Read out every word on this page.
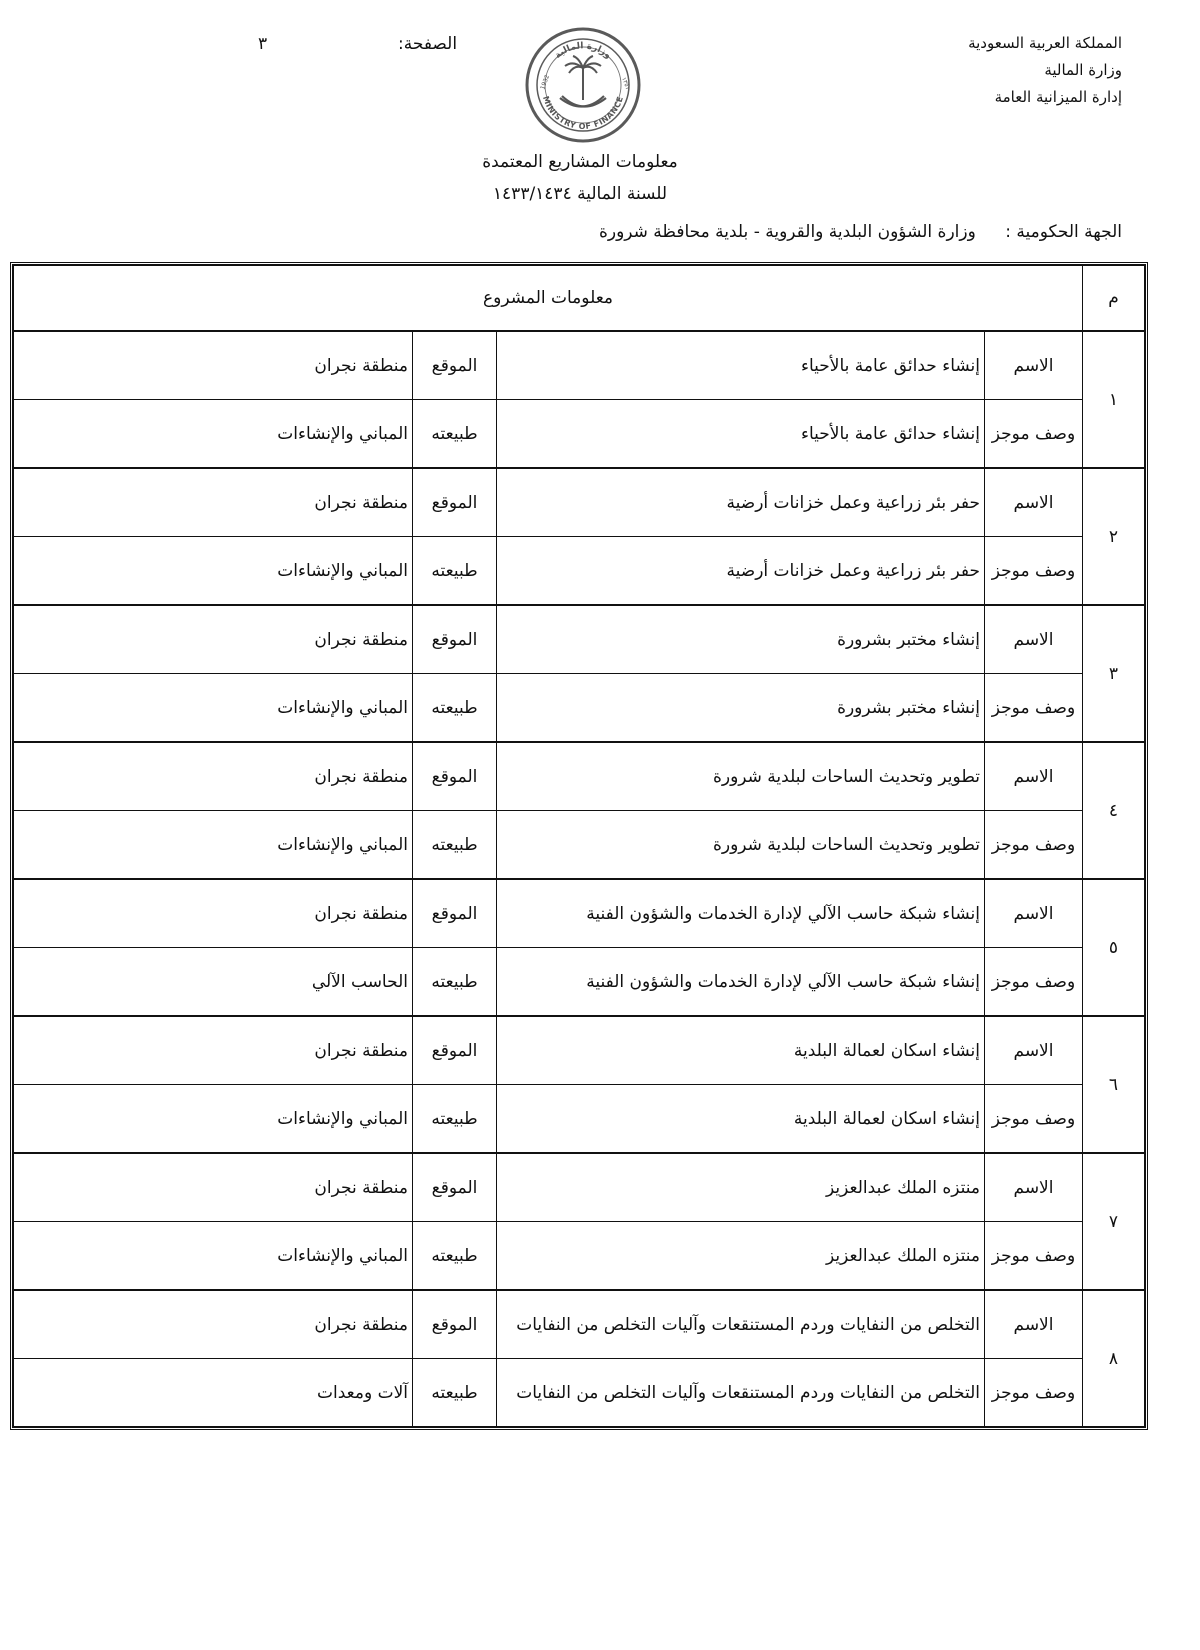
المملكة العربية السعودية
وزارة المالية
إدارة الميزانية العامة
الصفحة:
٣
MINISTRY OF FINANCE
وزارة المالية
1932	١٣٥١
معلومات المشاريع المعتمدة
للسنة المالية ١٤٣٣/١٤٣٤
الجهة الحكومية : وزارة الشؤون البلدية والقروية - بلدية محافظة شرورة
م	معلومات المشروع			
١	الاسم	إنشاء حدائق عامة بالأحياء	الموقع	منطقة نجران
	وصف موجز	إنشاء حدائق عامة بالأحياء	طبيعته	المباني والإنشاءات
٢	الاسم	حفر بئر زراعية وعمل خزانات أرضية	الموقع	منطقة نجران
	وصف موجز	حفر بئر زراعية وعمل خزانات أرضية	طبيعته	المباني والإنشاءات
٣	الاسم	إنشاء مختبر بشرورة	الموقع	منطقة نجران
	وصف موجز	إنشاء مختبر بشرورة	طبيعته	المباني والإنشاءات
٤	الاسم	تطوير وتحديث الساحات لبلدية شرورة	الموقع	منطقة نجران
	وصف موجز	تطوير وتحديث الساحات لبلدية شرورة	طبيعته	المباني والإنشاءات
٥	الاسم	إنشاء شبكة حاسب الآلي لإدارة الخدمات والشؤون الفنية	الموقع	منطقة نجران
	وصف موجز	إنشاء شبكة حاسب الآلي لإدارة الخدمات والشؤون الفنية	طبيعته	الحاسب الآلي
٦	الاسم	إنشاء اسكان لعمالة البلدية	الموقع	منطقة نجران
	وصف موجز	إنشاء اسكان لعمالة البلدية	طبيعته	المباني والإنشاءات
٧	الاسم	منتزه الملك عبدالعزيز	الموقع	منطقة نجران
	وصف موجز	منتزه الملك عبدالعزيز	طبيعته	المباني والإنشاءات
٨	الاسم	التخلص من النفايات وردم المستنقعات وآليات التخلص من النفايات	الموقع	منطقة نجران
	وصف موجز	التخلص من النفايات وردم المستنقعات وآليات التخلص من النفايات	طبيعته	آلات ومعدات
